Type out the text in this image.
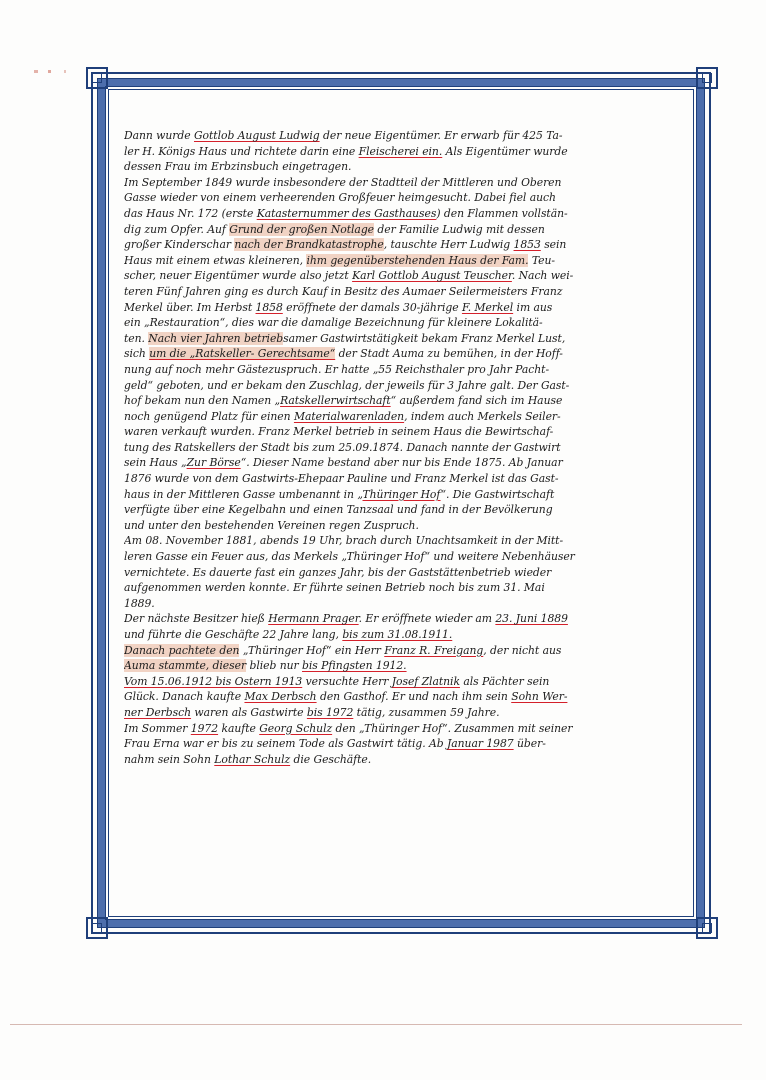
Dann wurde Gottlob August Ludwig der neue Eigentümer. Er erwarb für 425 Ta-
ler H. Königs Haus und richtete darin eine Fleischerei ein. Als Eigentümer wurde
dessen Frau im Erbzinsbuch eingetragen.
Im September 1849 wurde insbesondere der Stadtteil der Mittleren und Oberen
Gasse wieder von einem verheerenden Großfeuer heimgesucht. Dabei fiel auch
das Haus Nr. 172 (erste Katasternummer des Gasthauses) den Flammen vollstän-
dig zum Opfer. Auf Grund der großen Notlage der Familie Ludwig mit dessen
großer Kinderschar nach der Brandkatastrophe, tauschte Herr Ludwig 1853 sein
Haus mit einem etwas kleineren, ihm gegenüberstehenden Haus der Fam. Teu-
scher, neuer Eigentümer wurde also jetzt Karl Gottlob August Teuscher. Nach wei-
teren Fünf Jahren ging es durch Kauf in Besitz des Aumaer Seilermeisters Franz
Merkel über. Im Herbst 1858 eröffnete der damals 30-jährige F. Merkel im aus
ein „Restauration“, dies war die damalige Bezeichnung für kleinere Lokalitä-
ten. Nach vier Jahren betriebsamer Gastwirtstätigkeit bekam Franz Merkel Lust,
sich um die „Ratskeller- Gerechtsame“ der Stadt Auma zu bemühen, in der Hoff-
nung auf noch mehr Gästezuspruch. Er hatte „55 Reichsthaler pro Jahr Pacht-
geld“ geboten, und er bekam den Zuschlag, der jeweils für 3 Jahre galt. Der Gast-
hof bekam nun den Namen „Ratskellerwirtschaft“ außerdem fand sich im Hause
noch genügend Platz für einen Materialwarenladen, indem auch Merkels Seiler-
waren verkauft wurden. Franz Merkel betrieb in seinem Haus die Bewirtschaf-
tung des Ratskellers der Stadt bis zum 25.09.1874. Danach nannte der Gastwirt
sein Haus „Zur Börse“. Dieser Name bestand aber nur bis Ende 1875. Ab Januar
1876 wurde von dem Gastwirts-Ehepaar Pauline und Franz Merkel ist das Gast-
haus in der Mittleren Gasse umbenannt in „Thüringer Hof“. Die Gastwirtschaft
verfügte über eine Kegelbahn und einen Tanzsaal und fand in der Bevölkerung
und unter den bestehenden Vereinen regen Zuspruch.
Am 08. November 1881, abends 19 Uhr, brach durch Unachtsamkeit in der Mitt-
leren Gasse ein Feuer aus, das Merkels „Thüringer Hof“ und weitere Nebenhäuser
vernichtete. Es dauerte fast ein ganzes Jahr, bis der Gaststättenbetrieb wieder
aufgenommen werden konnte. Er führte seinen Betrieb noch bis zum 31. Mai
1889.
Der nächste Besitzer hieß Hermann Prager. Er eröffnete wieder am 23. Juni 1889
und führte die Geschäfte 22 Jahre lang, bis zum 31.08.1911.
Danach pachtete den „Thüringer Hof“ ein Herr Franz R. Freigang, der nicht aus
Auma stammte, dieser blieb nur bis Pfingsten 1912.
Vom 15.06.1912 bis Ostern 1913 versuchte Herr Josef Zlatnik als Pächter sein
Glück. Danach kaufte Max Derbsch den Gasthof. Er und nach ihm sein Sohn Wer-
ner Derbsch waren als Gastwirte bis 1972 tätig, zusammen 59 Jahre.
Im Sommer 1972 kaufte Georg Schulz den „Thüringer Hof“. Zusammen mit seiner
Frau Erna war er bis zu seinem Tode als Gastwirt tätig. Ab Januar 1987 über-
nahm sein Sohn Lothar Schulz die Geschäfte.
